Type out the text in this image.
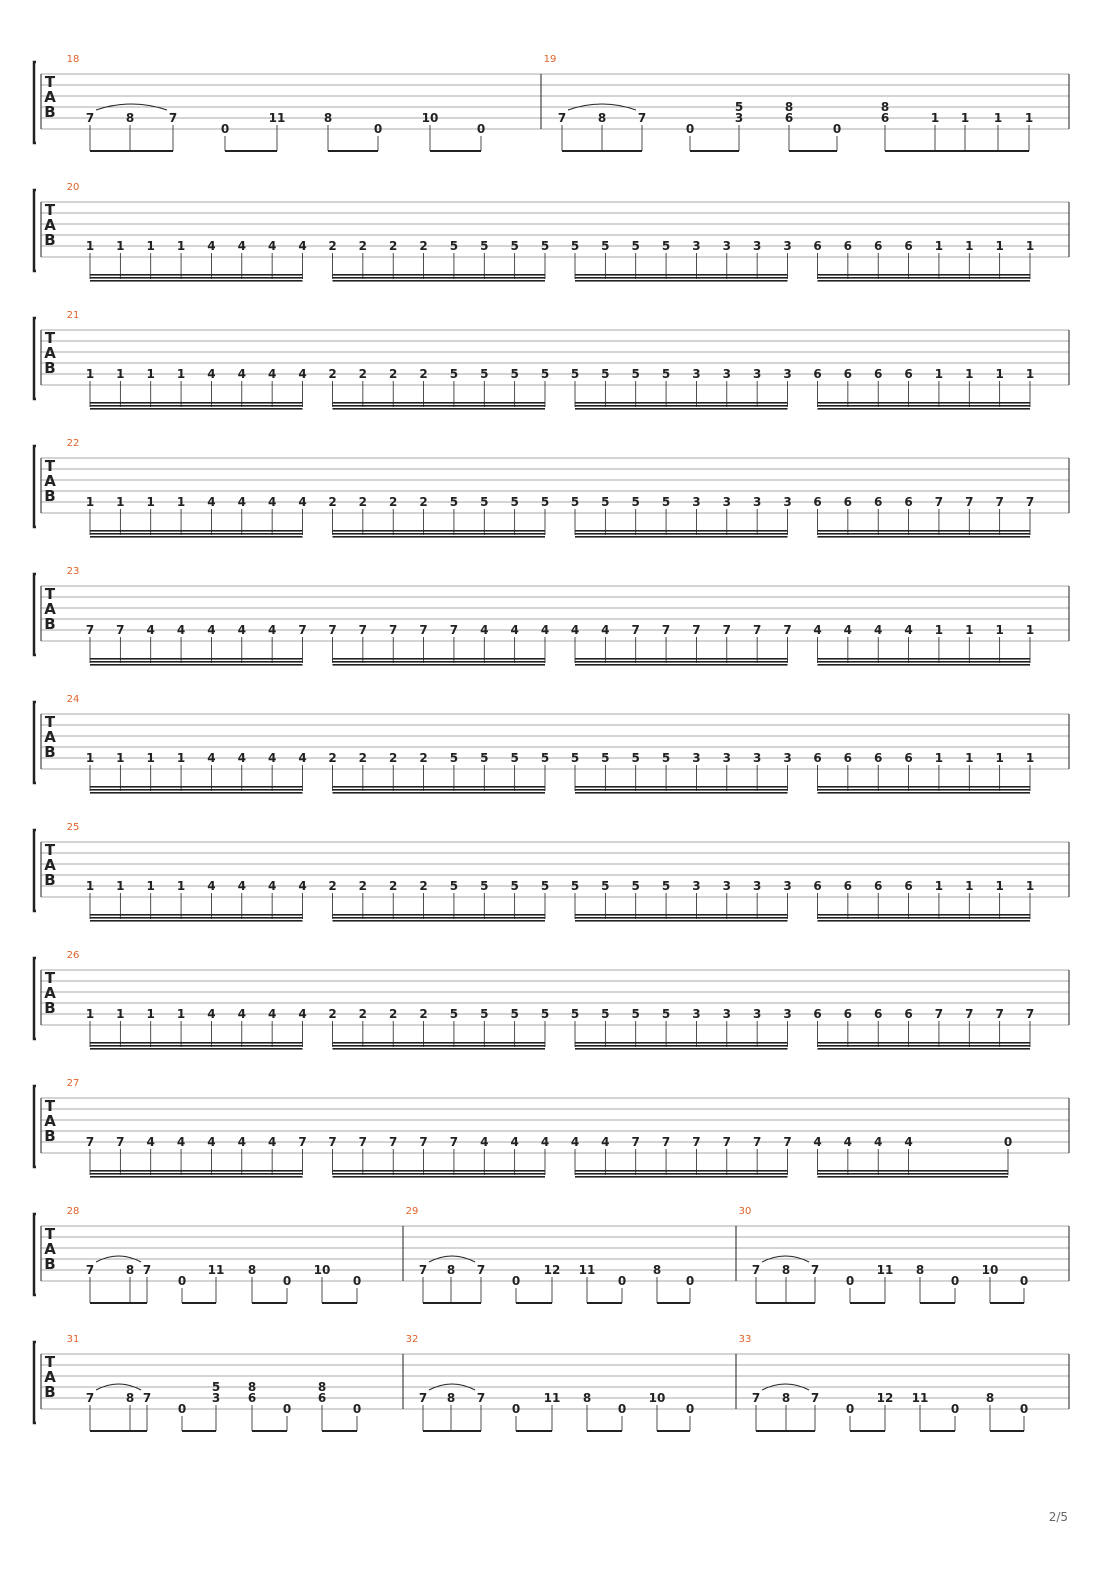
T
A
B
18	19
7	8	7
0
11	8
0
10
0
7	8	7
0
5
3
8
6
0
8
6	1 1 1 1
T
A
B
20
1 1 1 1 4 4 4 4 2 2 2 2 5 5 5 5 5 5 5 5 3 3 3 3 6 6 6 6 1 1 1 1
T
A
B
21
1 1 1 1 4 4 4 4 2 2 2 2 5 5 5 5 5 5 5 5 3 3 3 3 6 6 6 6 1 1 1 1
T
A
B
22
1 1 1 1 4 4 4 4 2 2 2 2 5 5 5 5 5 5 5 5 3 3 3 3 6 6 6 6 7 7 7 7
T
A
B
23
7 7 4 4 4 4 4 7 7 7 7 7 7 4 4 4 4 4 7 7 7 7 7 7 4 4 4 4 1 1 1 1
T
A
B
24
1 1 1 1 4 4 4 4 2 2 2 2 5 5 5 5 5 5 5 5 3 3 3 3 6 6 6 6 1 1 1 1
T
A
B
25
1 1 1 1 4 4 4 4 2 2 2 2 5 5 5 5 5 5 5 5 3 3 3 3 6 6 6 6 1 1 1 1
T
A
B
26
1 1 1 1 4 4 4 4 2 2 2 2 5 5 5 5 5 5 5 5 3 3 3 3 6 6 6 6 7 7 7 7
T
A
B
27
7 7 4 4 4 4 4 7 7 7 7 7 7 4 4 4 4 4 7 7 7 7 7 7 4 4 4 4	0
T
A
B
28	29	30
7	8 7
0
11 8
0
10
0
7 8 7
0
12 11
0
8
0
7 8 7
0
11 8
0
10
0
T
A
B
31	32	33
7	8 7
0
5
3
8
6
0
8
6
0
7 8 7
0
11 8
0
10
0
7 8 7
0
12 11
0
8
0
2/5
